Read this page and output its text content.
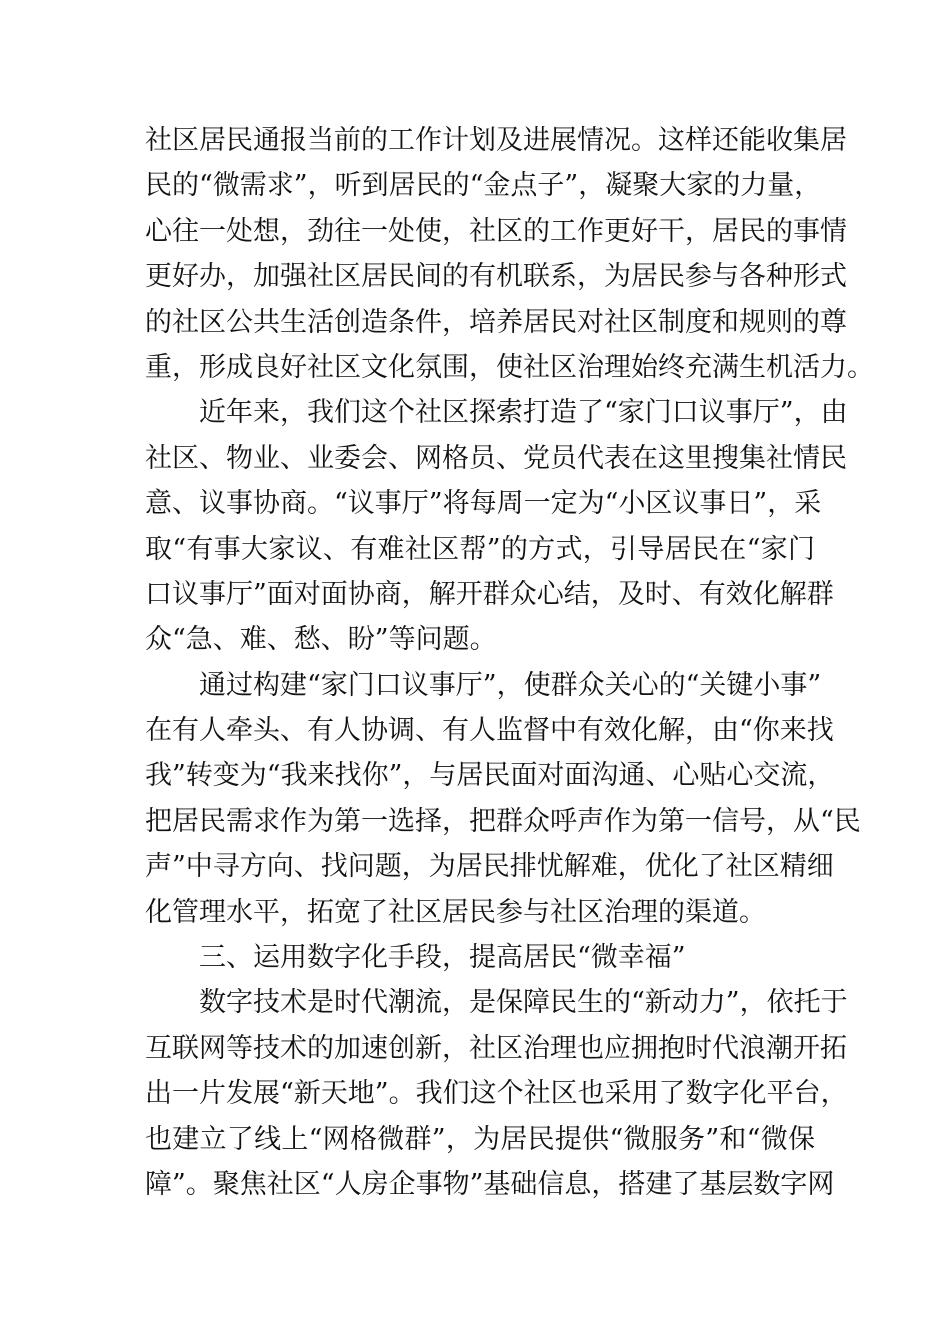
社区居民通报当前的工作计划及进展情况。这样还能收集居
民的“微需求”，听到居民的“金点子”，凝聚大家的力量，
心往一处想，劲往一处使，社区的工作更好干，居民的事情
更好办，加强社区居民间的有机联系，为居民参与各种形式
的社区公共生活创造条件，培养居民对社区制度和规则的尊
重，形成良好社区文化氛围，使社区治理始终充满生机活力。
近年来，我们这个社区探索打造了“家门口议事厅”，由
社区、物业、业委会、网格员、党员代表在这里搜集社情民
意、议事协商。“议事厅”将每周一定为“小区议事日”，采
取“有事大家议、有难社区帮”的方式，引导居民在“家门
口议事厅”面对面协商，解开群众心结，及时、有效化解群
众“急、难、愁、盼”等问题。
通过构建“家门口议事厅”，使群众关心的“关键小事”
在有人牵头、有人协调、有人监督中有效化解，由“你来找
我”转变为“我来找你”，与居民面对面沟通、心贴心交流，
把居民需求作为第一选择，把群众呼声作为第一信号，从“民
声”中寻方向、找问题，为居民排忧解难，优化了社区精细
化管理水平，拓宽了社区居民参与社区治理的渠道。
三、运用数字化手段，提高居民“微幸福”
数字技术是时代潮流，是保障民生的“新动力”，依托于
互联网等技术的加速创新，社区治理也应拥抱时代浪潮开拓
出一片发展“新天地”。我们这个社区也采用了数字化平台，
也建立了线上“网格微群”，为居民提供“微服务”和“微保
障”。聚焦社区“人房企事物”基础信息，搭建了基层数字网
